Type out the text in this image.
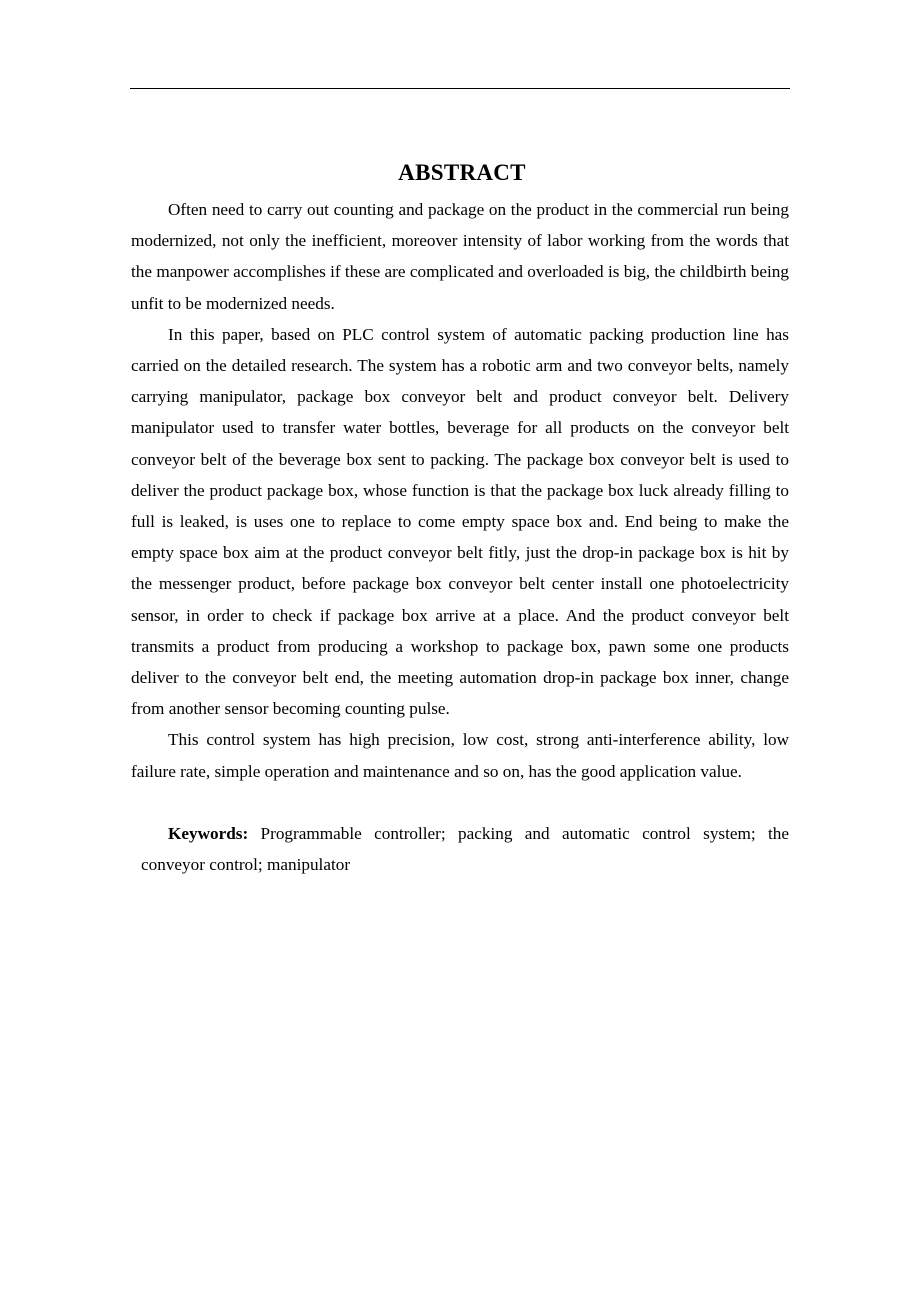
ABSTRACT

Often need to carry out counting and package on the product in the commercial run being modernized, not only the inefficient, moreover intensity of labor working from the words that the manpower accomplishes if these are complicated and overloaded is big, the childbirth being unfit to be modernized needs.

In this paper, based on PLC control system of automatic packing production line has carried on the detailed research. The system has a robotic arm and two conveyor belts, namely carrying manipulator, package box conveyor belt and product conveyor belt. Delivery manipulator used to transfer water bottles, beverage for all products on the conveyor belt conveyor belt of the beverage box sent to packing. The package box conveyor belt is used to deliver the product package box, whose function is that the package box luck already filling to full is leaked, is uses one to replace to come empty space box and. End being to make the empty space box aim at the product conveyor belt fitly, just the drop-in package box is hit by the messenger product, before package box conveyor belt center install one photoelectricity sensor, in order to check if package box arrive at a place. And the product conveyor belt transmits a product from producing a workshop to package box, pawn some one products deliver to the conveyor belt end, the meeting automation drop-in package box inner, change from another sensor becoming counting pulse.

This control system has high precision, low cost, strong anti-interference ability, low failure rate, simple operation and maintenance and so on, has the good application value.

Keywords: Programmable controller; packing and automatic control system; the conveyor control; manipulator
